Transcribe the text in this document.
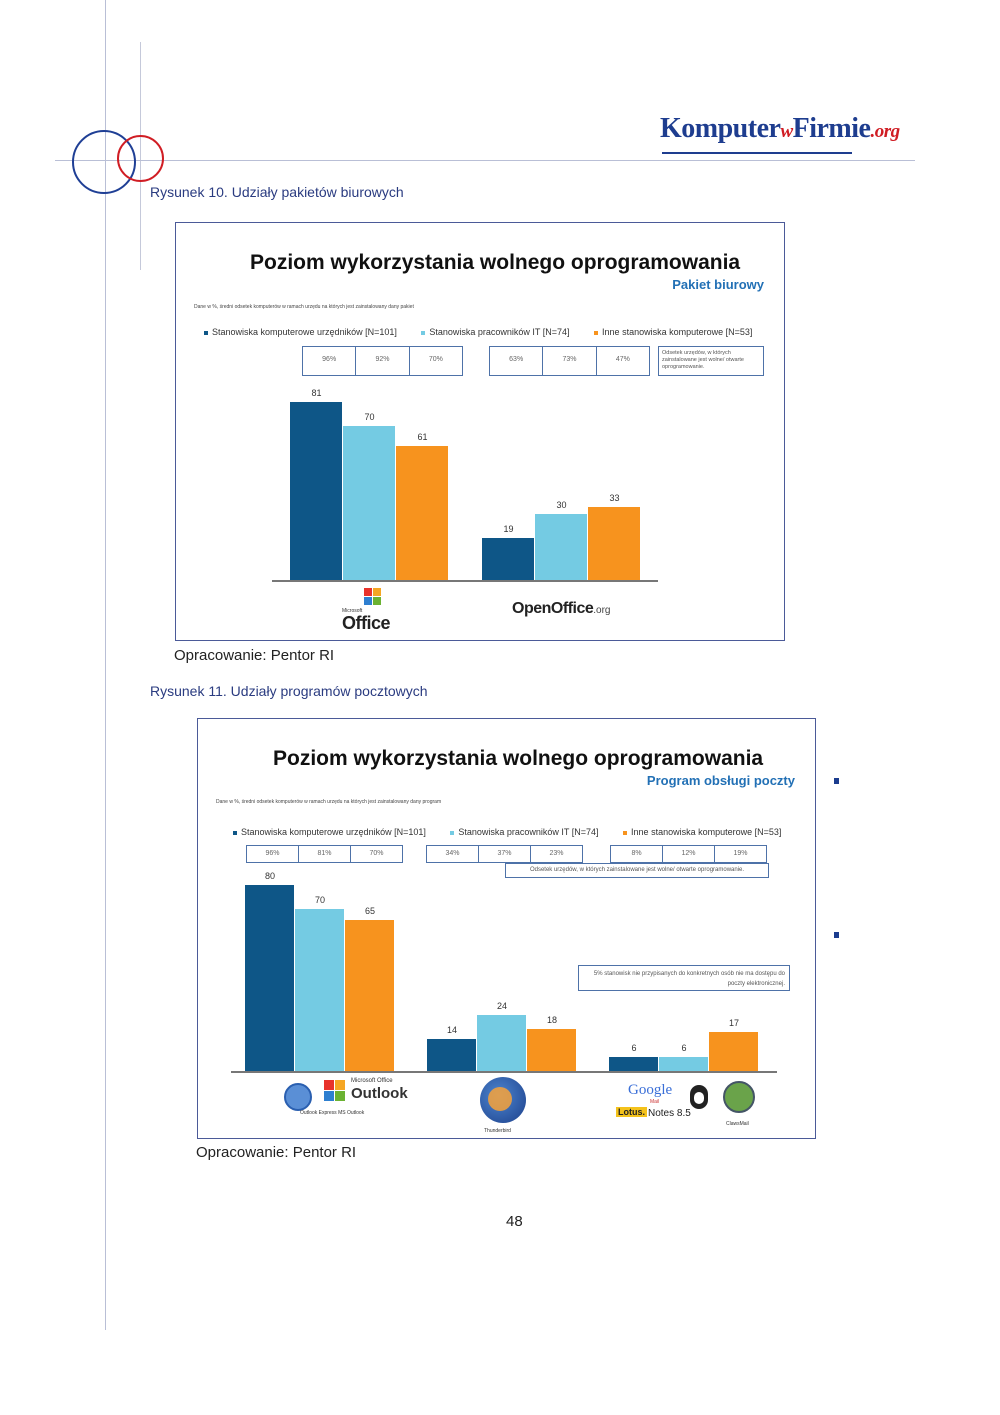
KomputerwFirmie.org
Rysunek 10. Udziały pakietów biurowych
Poziom wykorzystania wolnego oprogramowania
Pakiet biurowy
Dane w %, średni odsetek komputerów w ramach urzędu na których jest zainstalowany dany pakiet
Stanowiska komputerowe urzędników [N=101]	Stanowiska pracowników IT [N=74]	Inne stanowiska komputerowe [N=53]
96%	92%	70%	63%	73%	47%
Odsetek urzędów, w których zainstalowane jest wolne/ otwarte oprogramowanie.
81
70
61
19
30
33
Microsoft
Office
OpenOffice.org
Opracowanie: Pentor RI
Rysunek 11. Udziały programów pocztowych
Poziom wykorzystania wolnego oprogramowania
Program obsługi poczty
Dane w %, średni odsetek komputerów w ramach urzędu na których jest zainstalowany dany program
Stanowiska komputerowe urzędników [N=101]	Stanowiska pracowników IT [N=74]	Inne stanowiska komputerowe [N=53]
96%	81%	70%	34%	37%	23%	8%	12%	19%
Odsetek urzędów, w których zainstalowane jest wolne/ otwarte oprogramowanie.
5% stanowisk nie przypisanych do konkretnych osób nie ma dostępu do poczty elektronicznej.
80
70
65
14
24
18
6	6
17
Microsoft Office
Outlook
Outlook Express MS Outlook
Thunderbird
Google
Mail
Lotus. Notes 8.5
ClawsMail
Opracowanie: Pentor RI
48
